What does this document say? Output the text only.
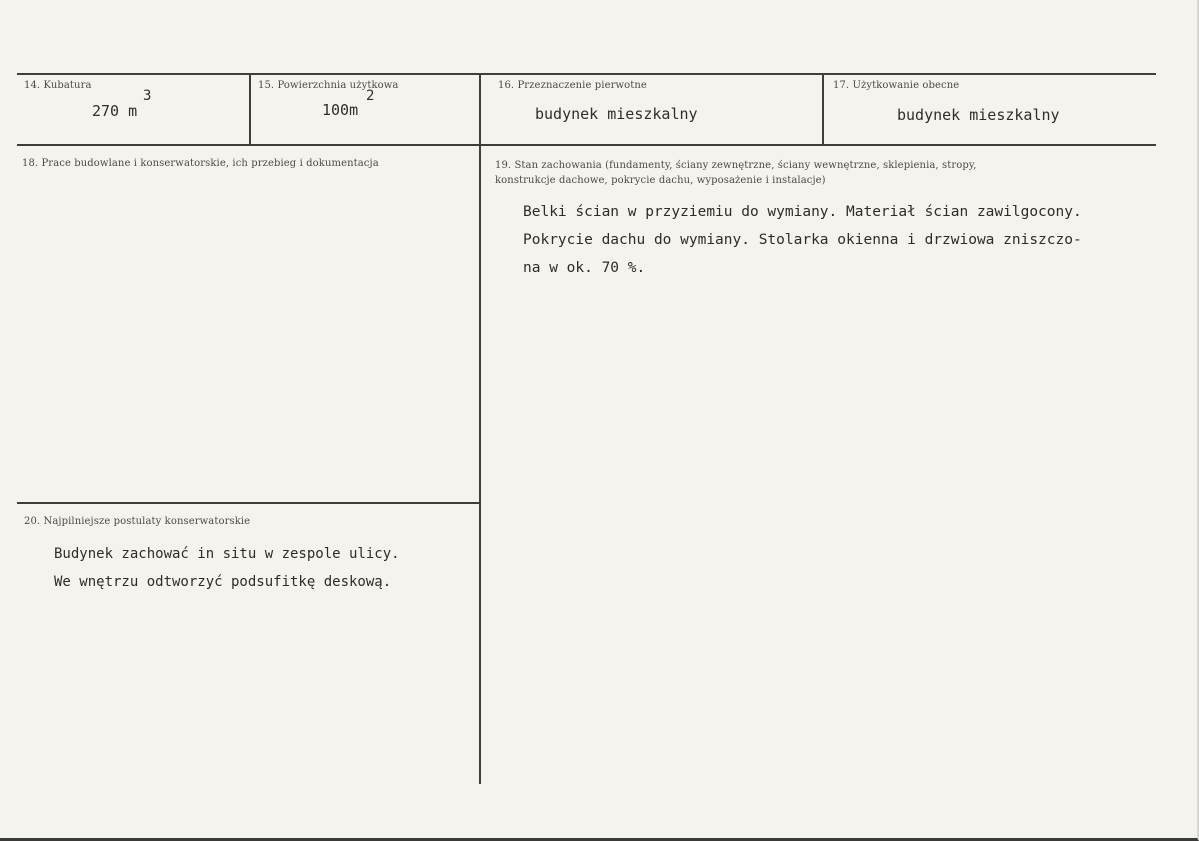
14. Kubatura
270 m
3
15. Powierzchnia użytkowa
100m
2
16. Przeznaczenie pierwotne
budynek mieszkalny
17. Użytkowanie obecne
budynek mieszkalny
18. Prace budowlane i konserwatorskie, ich przebieg i dokumentacja	19. Stan zachowania (fundamenty, ściany zewnętrzne, ściany wewnętrzne, sklepienia, stropy,
konstrukcje dachowe, pokrycie dachu, wyposażenie i instalacje)
Belki ścian w przyziemiu do wymiany. Materiał ścian zawilgocony.
Pokrycie dachu do wymiany. Stolarka okienna i drzwiowa zniszczo-
na w ok. 70 %.
20. Najpilniejsze postulaty konserwatorskie
Budynek zachować in situ w zespole ulicy.
We wnętrzu odtworzyć podsufitkę deskową.
